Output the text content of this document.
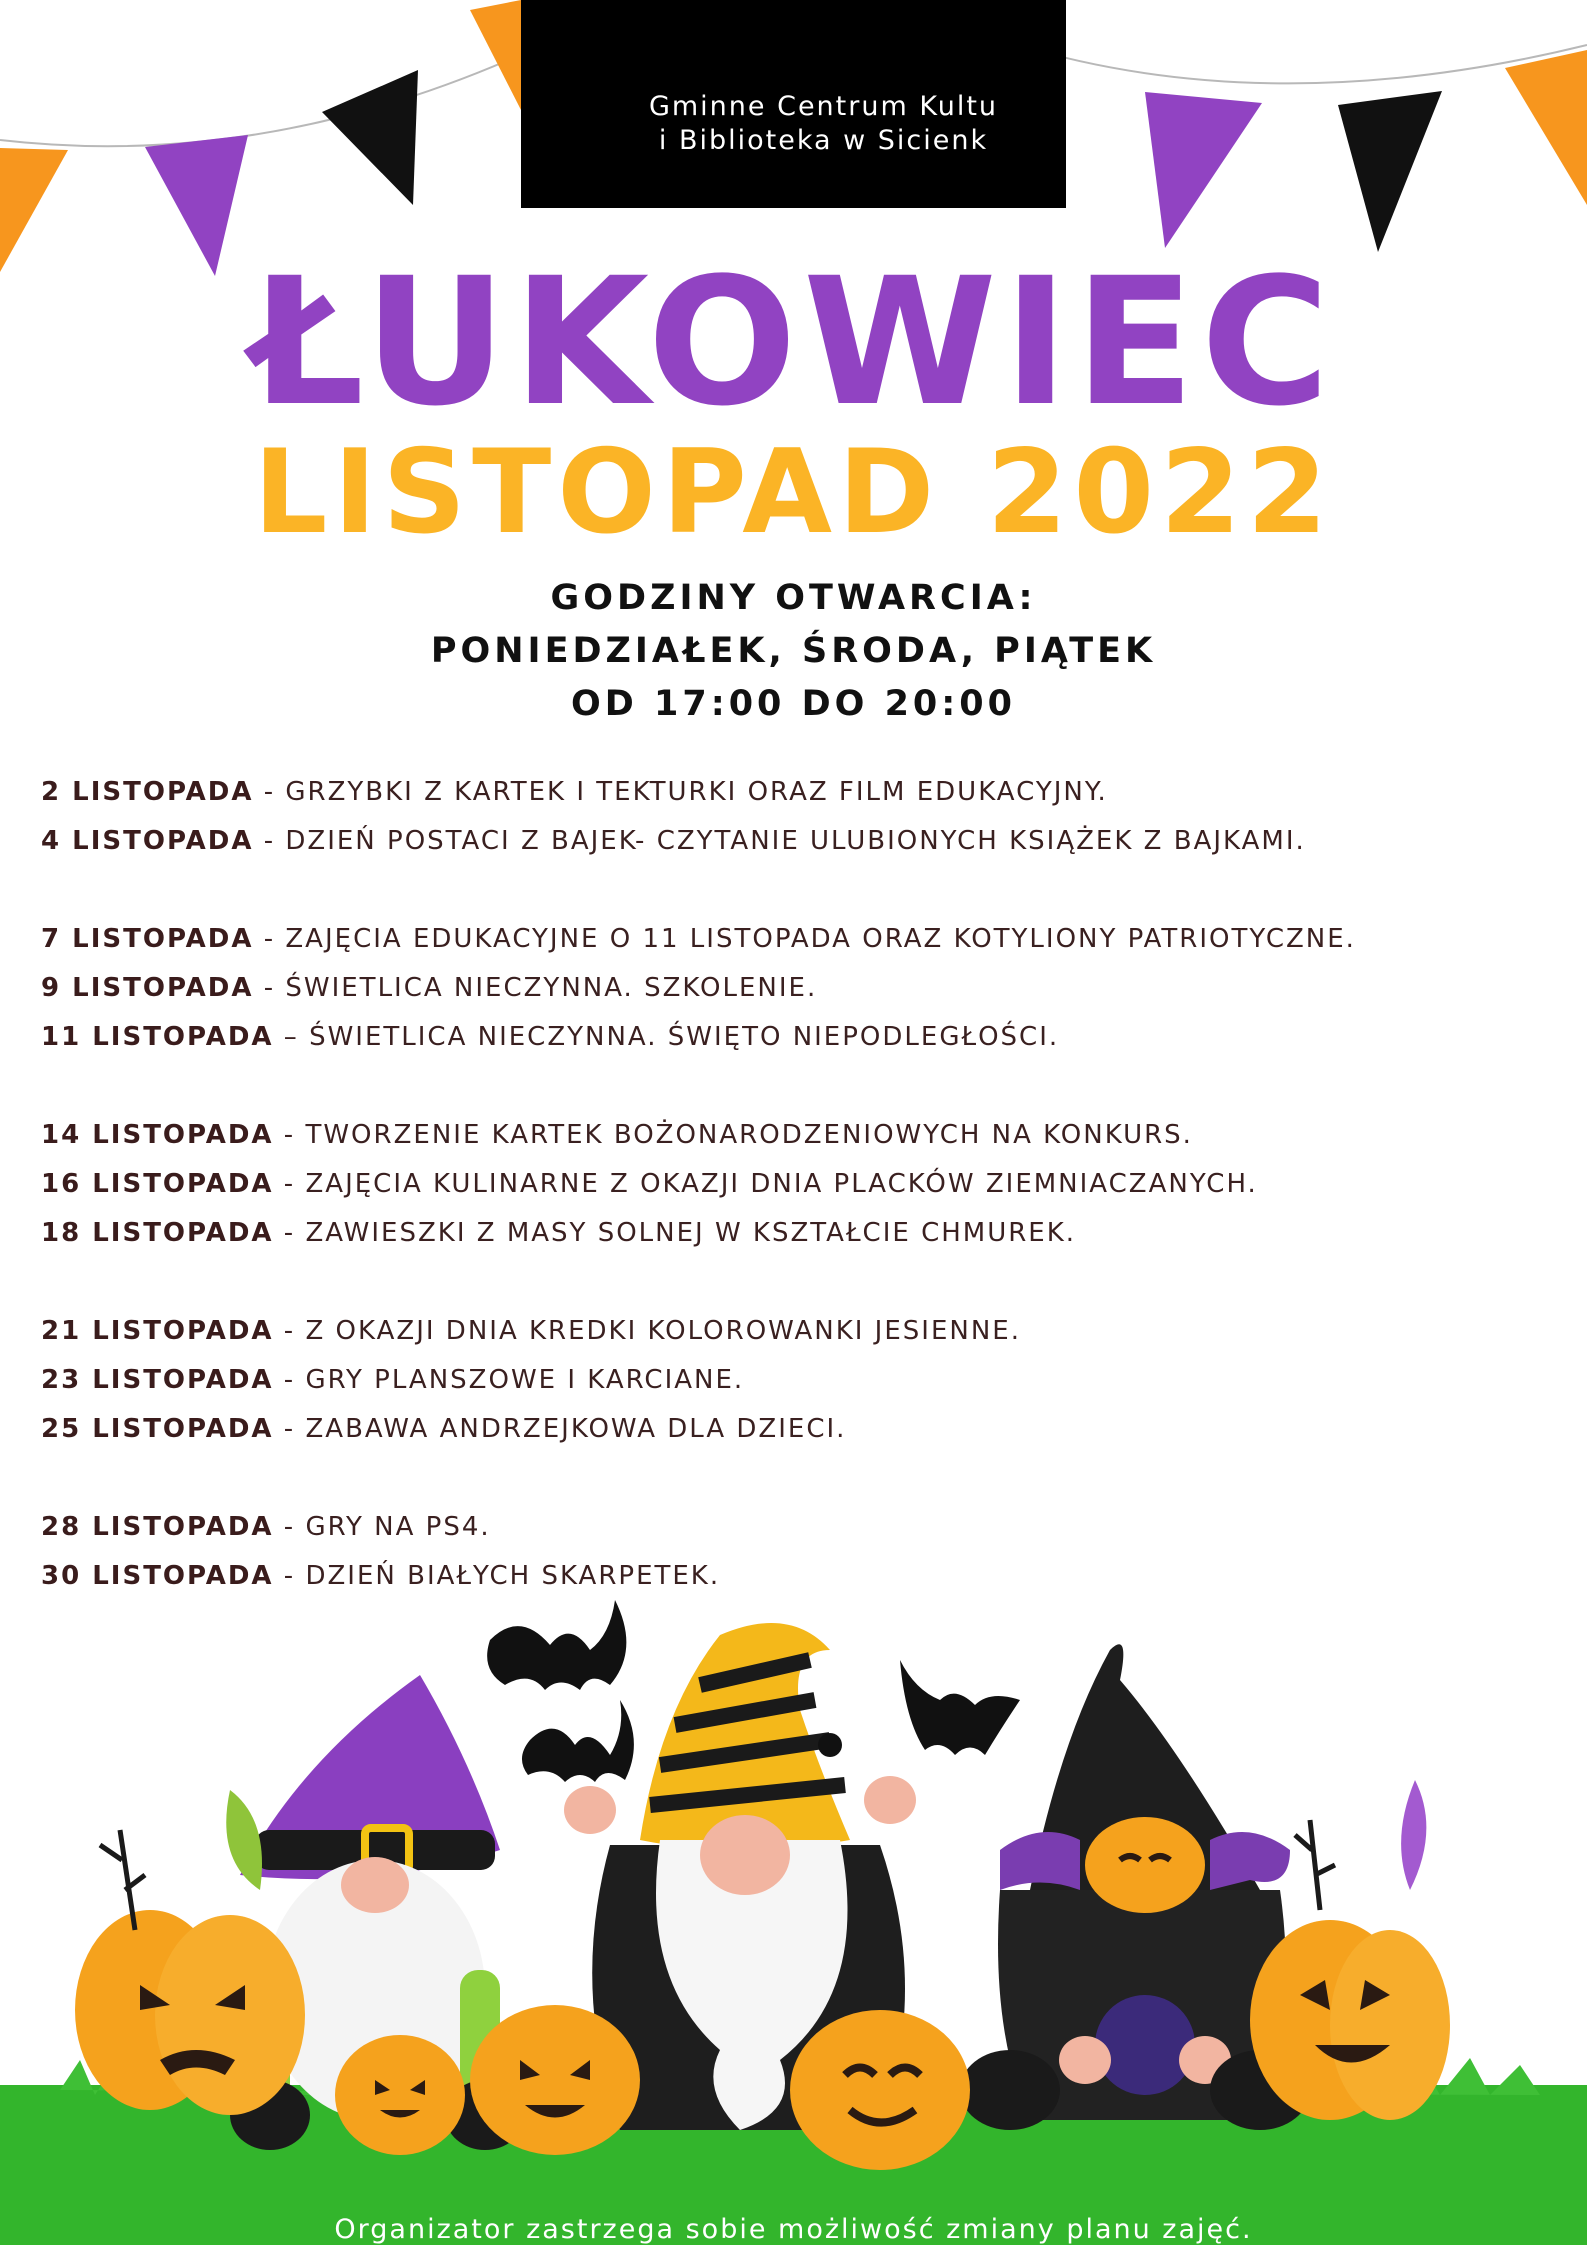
Gminne Centrum Kultu
i Biblioteka w Sicienk
ŁUKOWIEC
LISTOPAD 2022
GODZINY OTWARCIA:
PONIEDZIAŁEK, ŚRODA, PIĄTEK
OD 17:00 DO 20:00
2 LISTOPADA - GRZYBKI Z KARTEK I TEKTURKI ORAZ FILM EDUKACYJNY.
4 LISTOPADA - DZIEŃ POSTACI Z BAJEK- CZYTANIE ULUBIONYCH KSIĄŻEK Z BAJKAMI.
7 LISTOPADA - ZAJĘCIA EDUKACYJNE O 11 LISTOPADA ORAZ KOTYLIONY PATRIOTYCZNE.
9 LISTOPADA - ŚWIETLICA NIECZYNNA. SZKOLENIE.
11 LISTOPADA – ŚWIETLICA NIECZYNNA. ŚWIĘTO NIEPODLEGŁOŚCI.
14 LISTOPADA - TWORZENIE KARTEK BOŻONARODZENIOWYCH NA KONKURS.
16 LISTOPADA - ZAJĘCIA KULINARNE Z OKAZJI DNIA PLACKÓW ZIEMNIACZANYCH.
18 LISTOPADA - ZAWIESZKI Z MASY SOLNEJ W KSZTAŁCIE CHMUREK.
21 LISTOPADA - Z OKAZJI DNIA KREDKI KOLOROWANKI JESIENNE.
23 LISTOPADA - GRY PLANSZOWE I KARCIANE.
25 LISTOPADA - ZABAWA ANDRZEJKOWA DLA DZIECI.
28 LISTOPADA - GRY NA PS4.
30 LISTOPADA - DZIEŃ BIAŁYCH SKARPETEK.
Organizator zastrzega sobie możliwość zmiany planu zajęć.
